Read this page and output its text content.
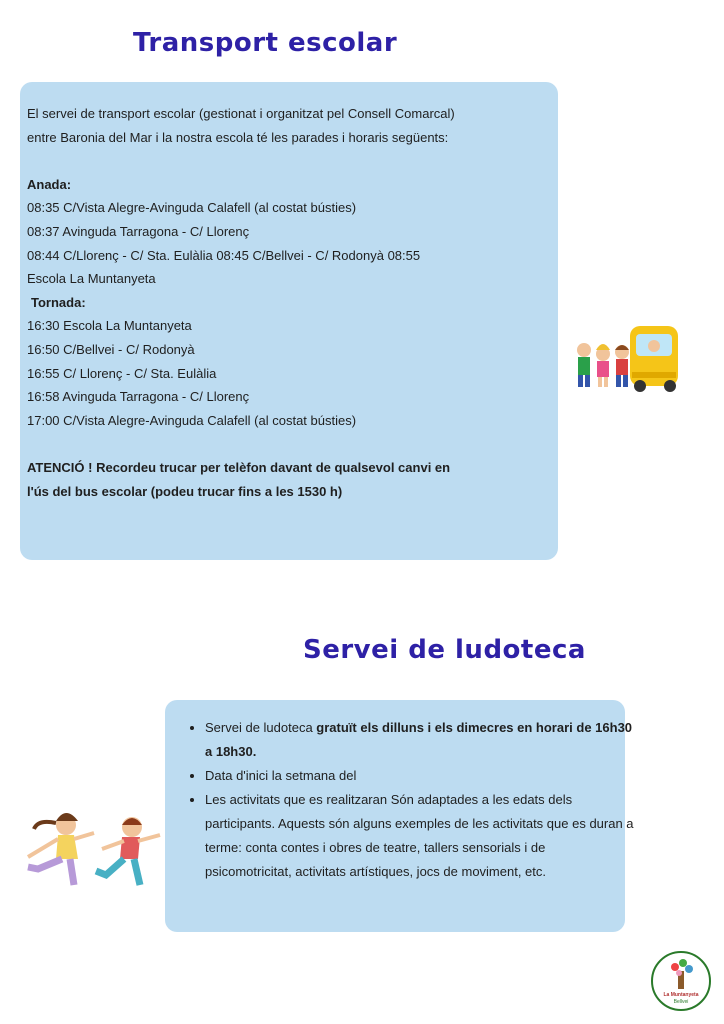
Transport escolar
El servei de transport escolar (gestionat i organitzat pel Consell Comarcal)
entre Baronia del Mar i la nostra escola té les parades i horaris següents:

Anada:
08:35 C/Vista Alegre-Avinguda Calafell (al costat bústies)
08:37 Avinguda Tarragona - C/ Llorenç
08:44 C/Llorenç - C/ Sta. Eulàlia 08:45 C/Bellvei - C/ Rodonyà 08:55
Escola La Muntanyeta
Tornada:
16:30 Escola La Muntanyeta
16:50 C/Bellvei - C/ Rodonyà
16:55 C/ Llorenç - C/ Sta. Eulàlia
16:58 Avinguda Tarragona - C/ Llorenç
17:00 C/Vista Alegre-Avinguda Calafell (al costat bústies)

ATENCIÓ ! Recordeu trucar per telèfon davant de qualsevol canvi en
l'ús del bus escolar (podeu trucar fins a les 1530 h)
Servei de ludoteca
• Servei de ludoteca gratuït els dilluns i els dimecres en horari de 16h30 a 18h30.
• Data d'inici la setmana del
• Les activitats que es realitzaran Són adaptades a les edats dels participants. Aquests són alguns exemples de les activitats que es duran a terme: conta contes i obres de teatre, tallers sensorials i de psicomotricitat, activitats artístiques, jocs de moviment, etc.
La Muntanyeta
Bellvei
